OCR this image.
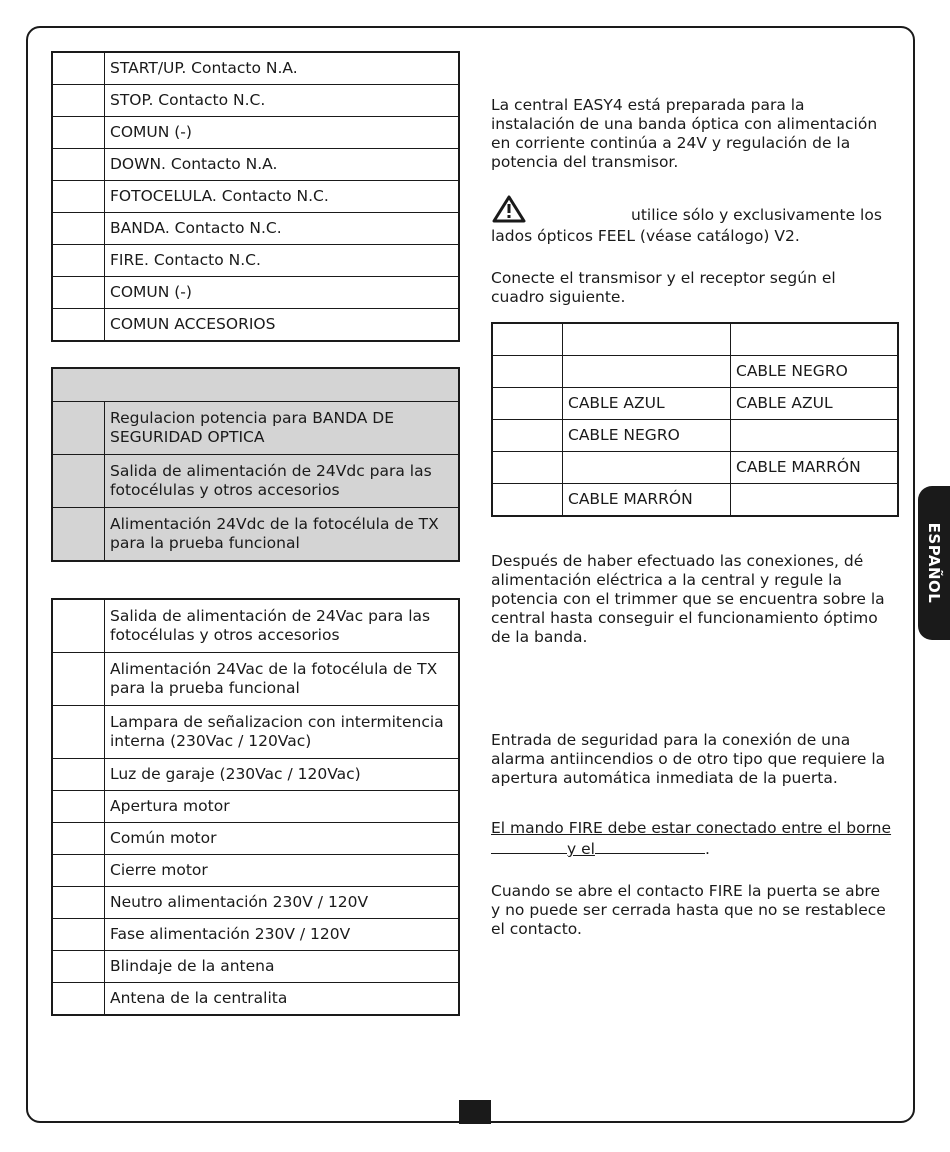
	START/UP. Contacto N.A.
	STOP. Contacto N.C.
	COMUN (-)
	DOWN. Contacto N.A.
	FOTOCELULA. Contacto N.C.
	BANDA. Contacto N.C.
	FIRE. Contacto N.C.
	COMUN (-)
	COMUN ACCESORIOS

	Regulacion potencia para BANDA DE SEGURIDAD OPTICA
	Salida de alimentación de 24Vdc para las fotocélulas y otros accesorios
	Alimentación 24Vdc de la fotocélula de TX para la prueba funcional
	Salida de alimentación de 24Vac para las fotocélulas y otros accesorios
	Alimentación 24Vac de la fotocélula de TX para la prueba funcional
	Lampara de señalizacion con intermitencia interna (230Vac / 120Vac)
	Luz de garaje (230Vac / 120Vac)
	Apertura motor
	Común motor
	Cierre motor
	Neutro alimentación 230V / 120V
	Fase alimentación 230V / 120V
	Blindaje de la antena
	Antena de la centralita

La central EASY4 está preparada para la instalación de una banda óptica con alimentación en corriente continúa a 24V y regulación de la potencia del transmisor.

utilice sólo y exclusivamente los

lados ópticos FEEL (véase catálogo) V2.

Conecte el transmisor y el receptor según el cuadro siguiente.

		CABLE NEGRO
	CABLE AZUL	CABLE AZUL
	CABLE NEGRO	
		CABLE MARRÓN
	CABLE MARRÓN	

Después de haber efectuado las conexiones, dé alimentación eléctrica a la central y regule la potencia con el trimmer que se encuentra sobre la central hasta conseguir el funcionamiento óptimo de la banda.

Entrada de seguridad para la conexión de una alarma antiincendios o de otro tipo que requiere la apertura automática inmediata de la puerta.

El mando FIRE debe estar conectado entre el borne
y el	.

Cuando se abre el contacto FIRE la puerta se abre y no puede ser cerrada hasta que no se restablece el contacto.

ESPAÑOL
